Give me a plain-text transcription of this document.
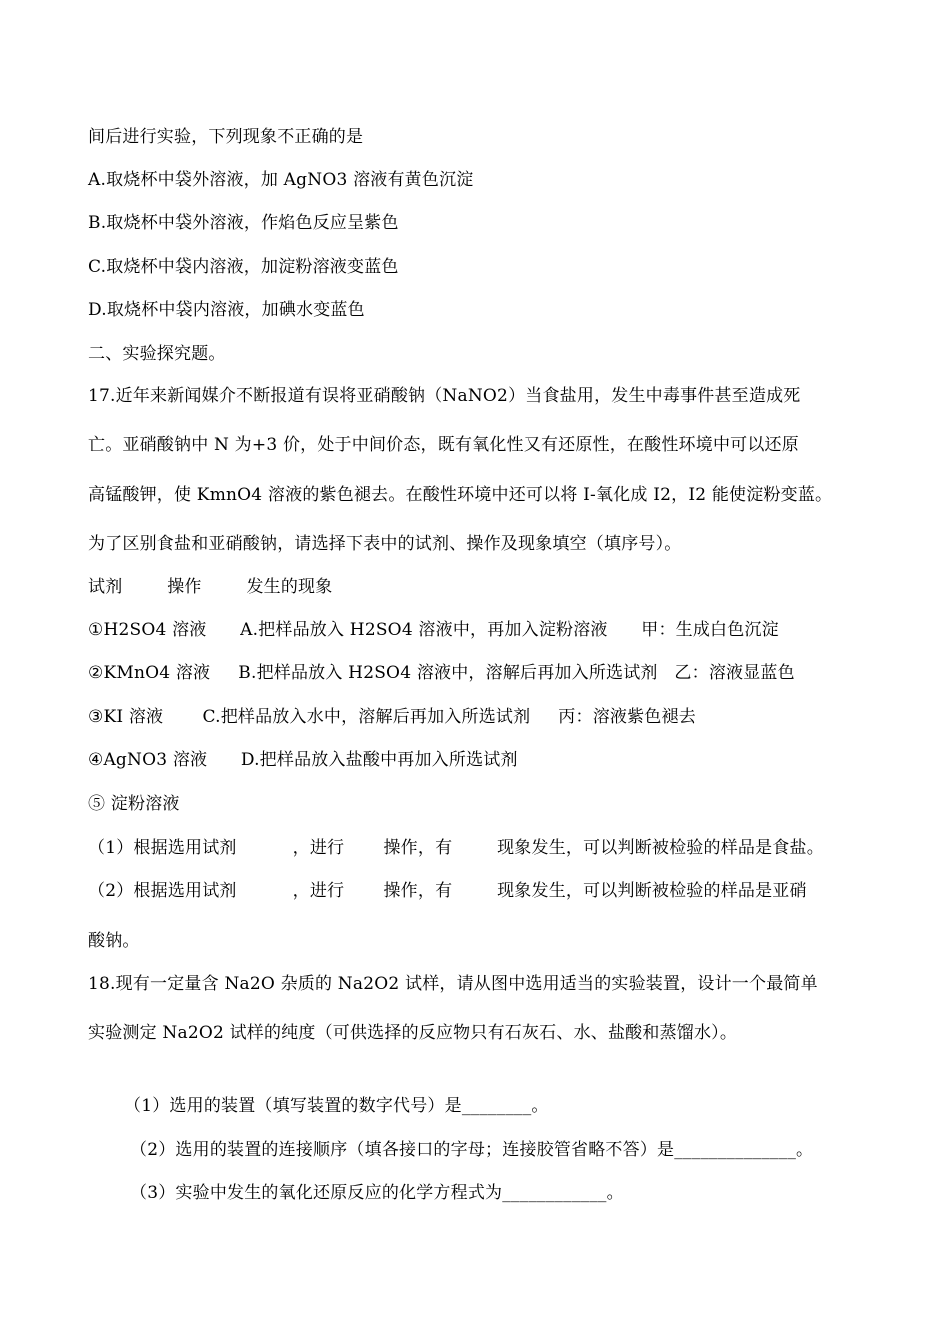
间后进行实验，下列现象不正确的是
A.取烧杯中袋外溶液，加 AgNO3 溶液有黄色沉淀
B.取烧杯中袋外溶液，作焰色反应呈紫色
C.取烧杯中袋内溶液，加淀粉溶液变蓝色
D.取烧杯中袋内溶液，加碘水变蓝色
二、实验探究题。
17.近年来新闻媒介不断报道有误将亚硝酸钠（NaNO2）当食盐用，发生中毒事件甚至造成死
亡。亚硝酸钠中 N 为+3 价，处于中间价态，既有氧化性又有还原性，在酸性环境中可以还原
高锰酸钾，使 KmnO4 溶液的紫色褪去。在酸性环境中还可以将 I-氧化成 I2，I2 能使淀粉变蓝。
为了区别食盐和亚硝酸钠，请选择下表中的试剂、操作及现象填空（填序号）。
试剂        操作        发生的现象
①H2SO4 溶液      A.把样品放入 H2SO4 溶液中，再加入淀粉溶液      甲：生成白色沉淀
②KMnO4 溶液     B.把样品放入 H2SO4 溶液中，溶解后再加入所选试剂   乙：溶液显蓝色
③KI 溶液       C.把样品放入水中，溶解后再加入所选试剂     丙：溶液紫色褪去
④AgNO3 溶液      D.把样品放入盐酸中再加入所选试剂
⑤ 淀粉溶液
（1）根据选用试剂          ，进行       操作，有        现象发生，可以判断被检验的样品是食盐。
（2）根据选用试剂          ，进行       操作，有        现象发生，可以判断被检验的样品是亚硝
酸钠。
18.现有一定量含 Na2O 杂质的 Na2O2 试样，请从图中选用适当的实验装置，设计一个最简单
实验测定 Na2O2 试样的纯度（可供选择的反应物只有石灰石、水、盐酸和蒸馏水）。
（1）选用的装置（填写装置的数字代号）是________。
（2）选用的装置的连接顺序（填各接口的字母；连接胶管省略不答）是______________。
（3）实验中发生的氧化还原反应的化学方程式为____________。
